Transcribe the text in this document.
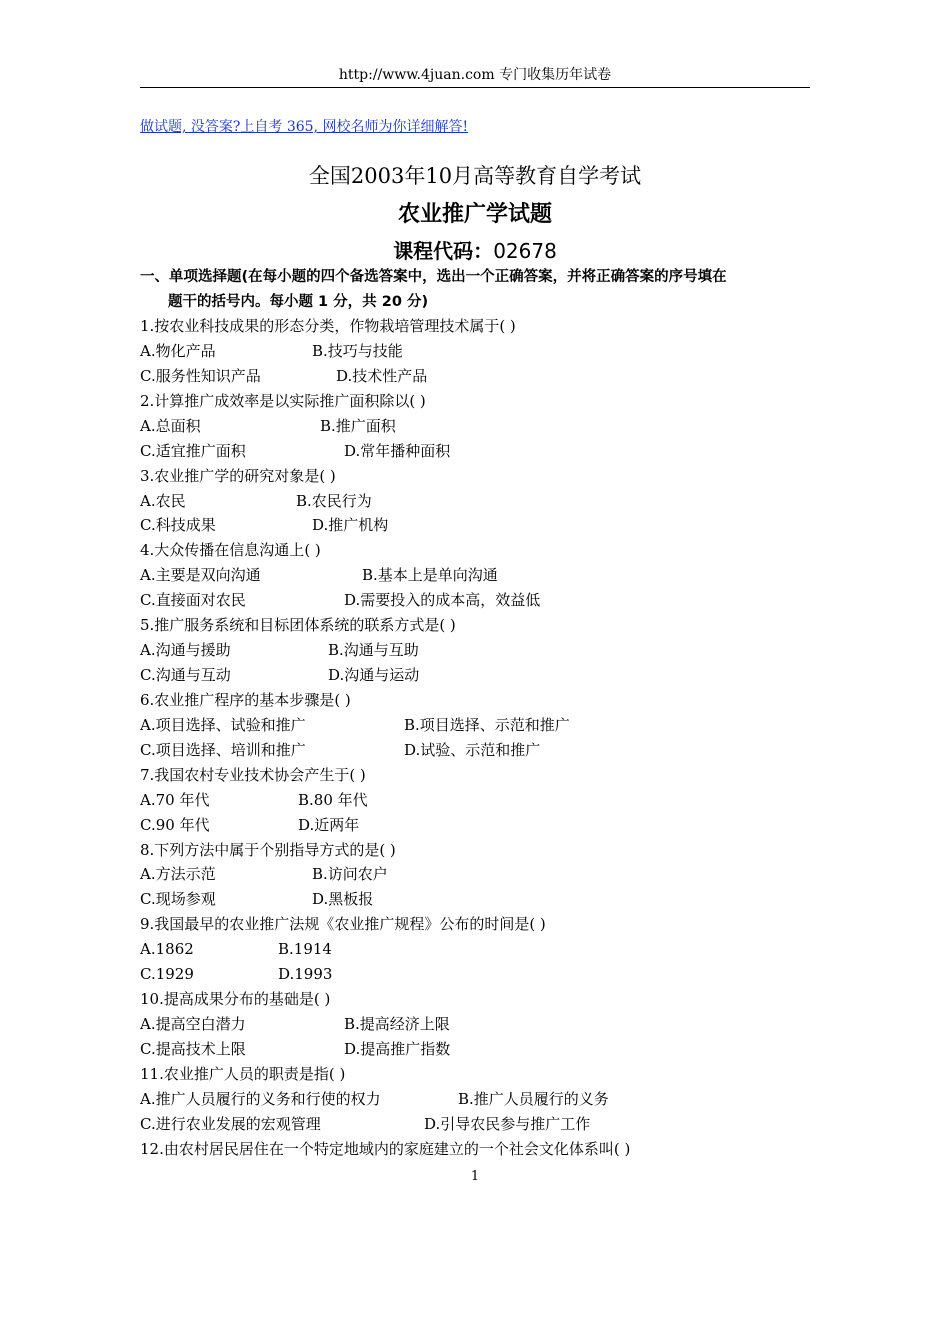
http://www.4juan.com 专门收集历年试卷
做试题, 没答案?上自考 365, 网校名师为你详细解答!
全国2003年10月高等教育自学考试
农业推广学试题
课程代码：02678
一、单项选择题(在每小题的四个备选答案中，选出一个正确答案，并将正确答案的序号填在
题干的括号内。每小题 1 分，共 20 分)
1.按农业科技成果的形态分类，作物栽培管理技术属于( )
A.物化产品	B.技巧与技能
C.服务性知识产品	D.技术性产品
2.计算推广成效率是以实际推广面积除以( )
A.总面积	B.推广面积
C.适宜推广面积	D.常年播种面积
3.农业推广学的研究对象是( )
A.农民	B.农民行为
C.科技成果	D.推广机构
4.大众传播在信息沟通上( )
A.主要是双向沟通	B.基本上是单向沟通
C.直接面对农民	D.需要投入的成本高，效益低
5.推广服务系统和目标团体系统的联系方式是( )
A.沟通与援助	B.沟通与互助
C.沟通与互动	D.沟通与运动
6.农业推广程序的基本步骤是( )
A.项目选择、试验和推广	B.项目选择、示范和推广
C.项目选择、培训和推广	D.试验、示范和推广
7.我国农村专业技术协会产生于( )
A.70 年代	B.80 年代
C.90 年代	D.近两年
8.下列方法中属于个别指导方式的是( )
A.方法示范	B.访问农户
C.现场参观	D.黑板报
9.我国最早的农业推广法规《农业推广规程》公布的时间是( )
A.1862	B.1914
C.1929	D.1993
10.提高成果分布的基础是( )
A.提高空白潜力	B.提高经济上限
C.提高技术上限	D.提高推广指数
11.农业推广人员的职责是指( )
A.推广人员履行的义务和行使的权力	B.推广人员履行的义务
C.进行农业发展的宏观管理	D.引导农民参与推广工作
12.由农村居民居住在一个特定地域内的家庭建立的一个社会文化体系叫( )
1
